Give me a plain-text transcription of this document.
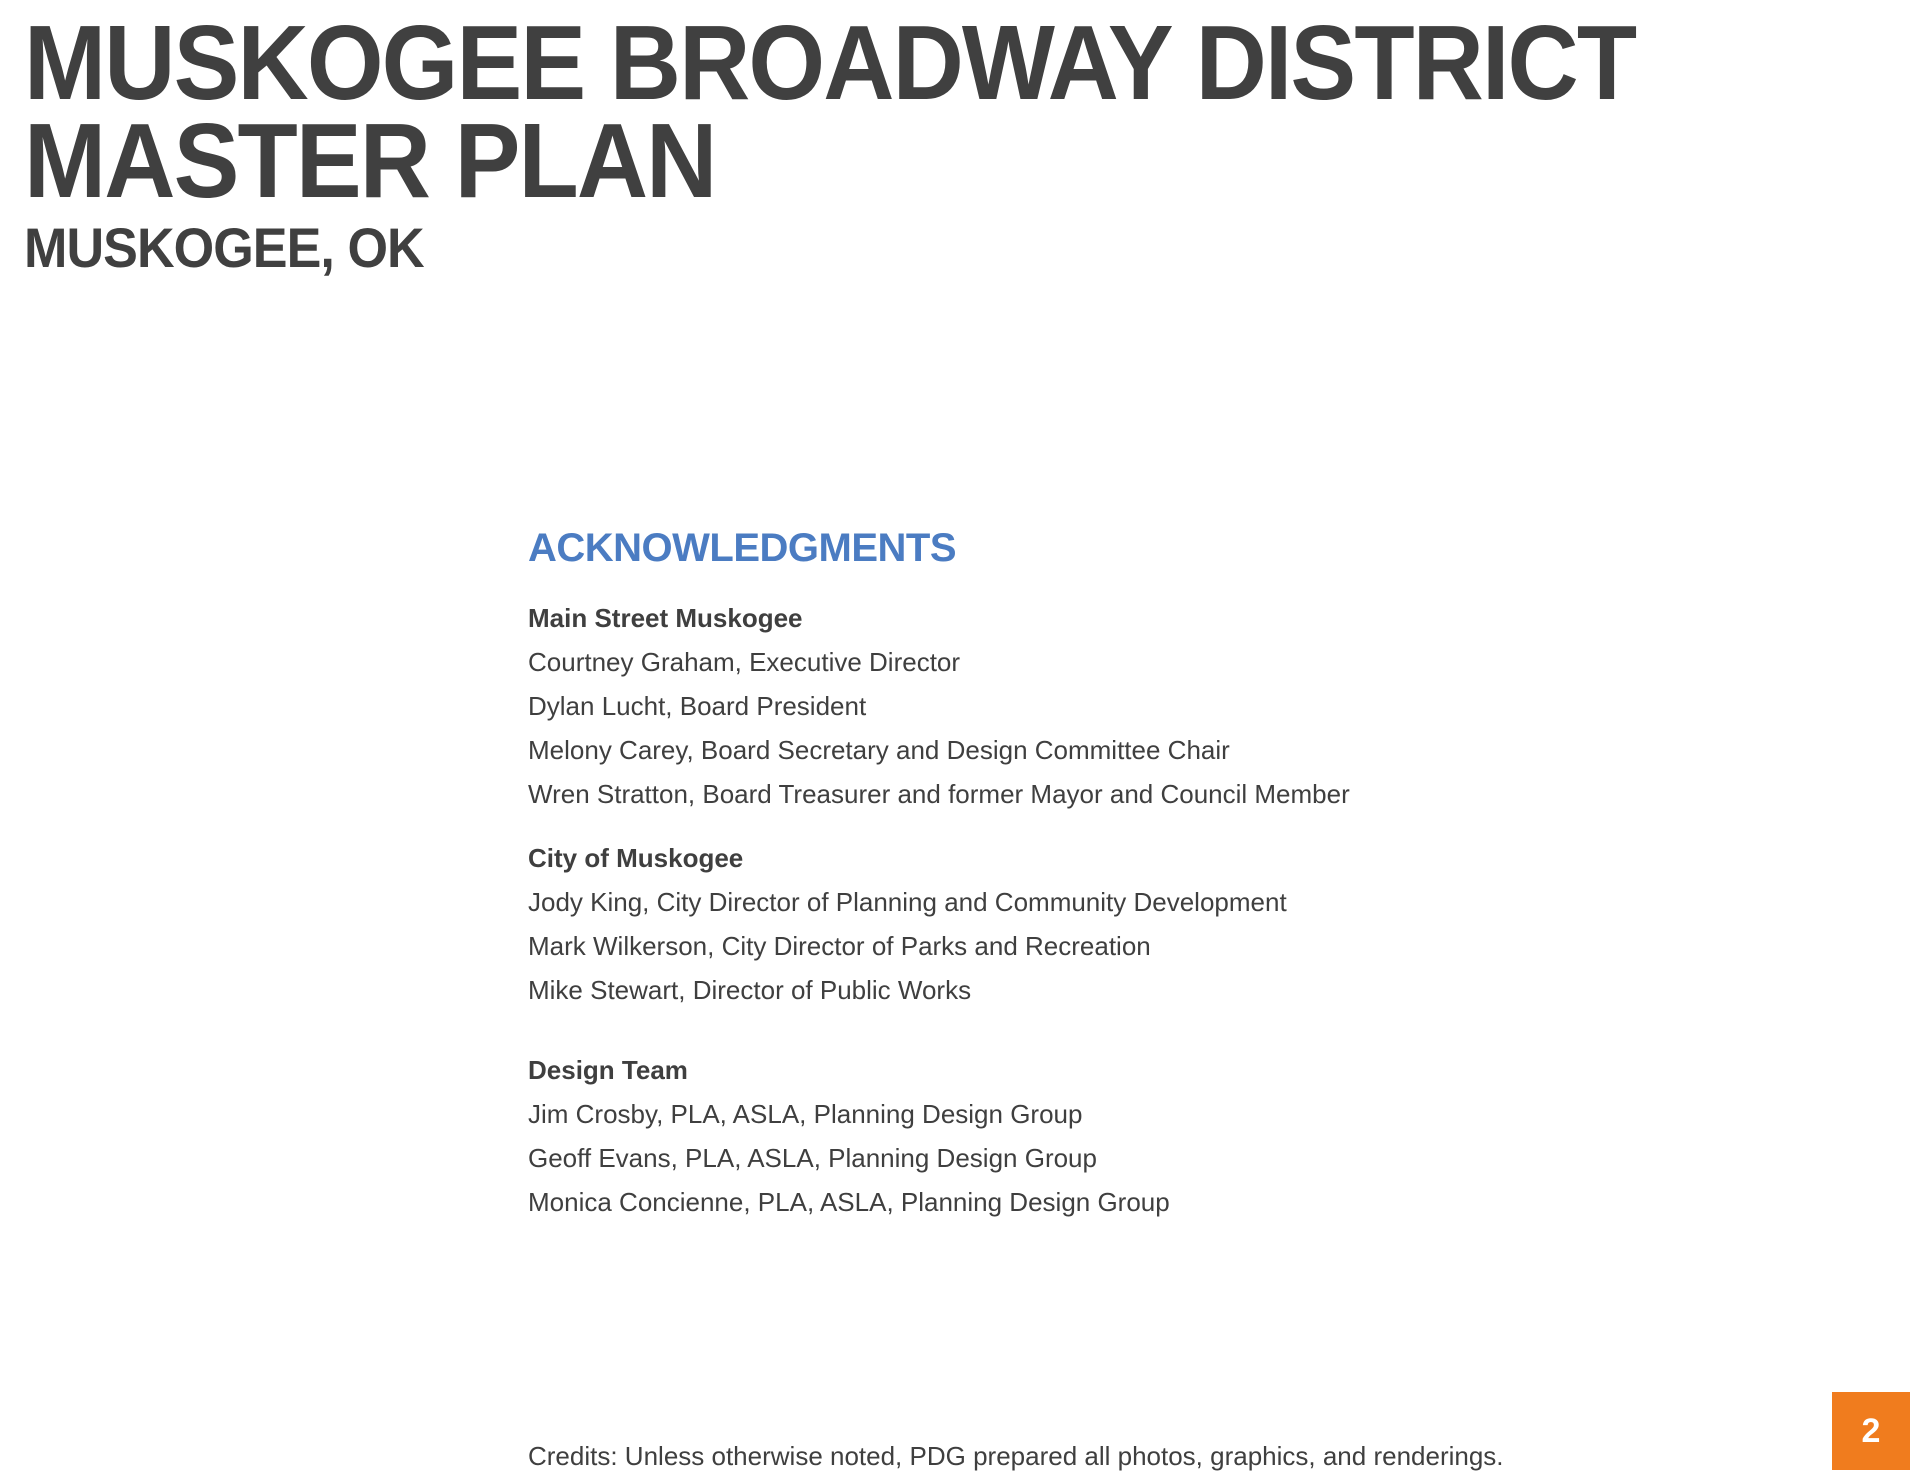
MUSKOGEE BROADWAY DISTRICT
MASTER PLAN
MUSKOGEE, OK
ACKNOWLEDGMENTS
Main Street Muskogee
Courtney Graham, Executive Director
Dylan Lucht, Board President
Melony Carey, Board Secretary and Design Committee Chair
Wren Stratton, Board Treasurer and former Mayor and Council Member
City of Muskogee
Jody King, City Director of Planning and Community Development
Mark Wilkerson, City Director of Parks and Recreation
Mike Stewart, Director of Public Works
Design Team
Jim Crosby, PLA, ASLA, Planning Design Group
Geoff Evans, PLA, ASLA, Planning Design Group
Monica Concienne, PLA, ASLA, Planning Design Group
Credits: Unless otherwise noted, PDG prepared all photos, graphics, and renderings.
2
